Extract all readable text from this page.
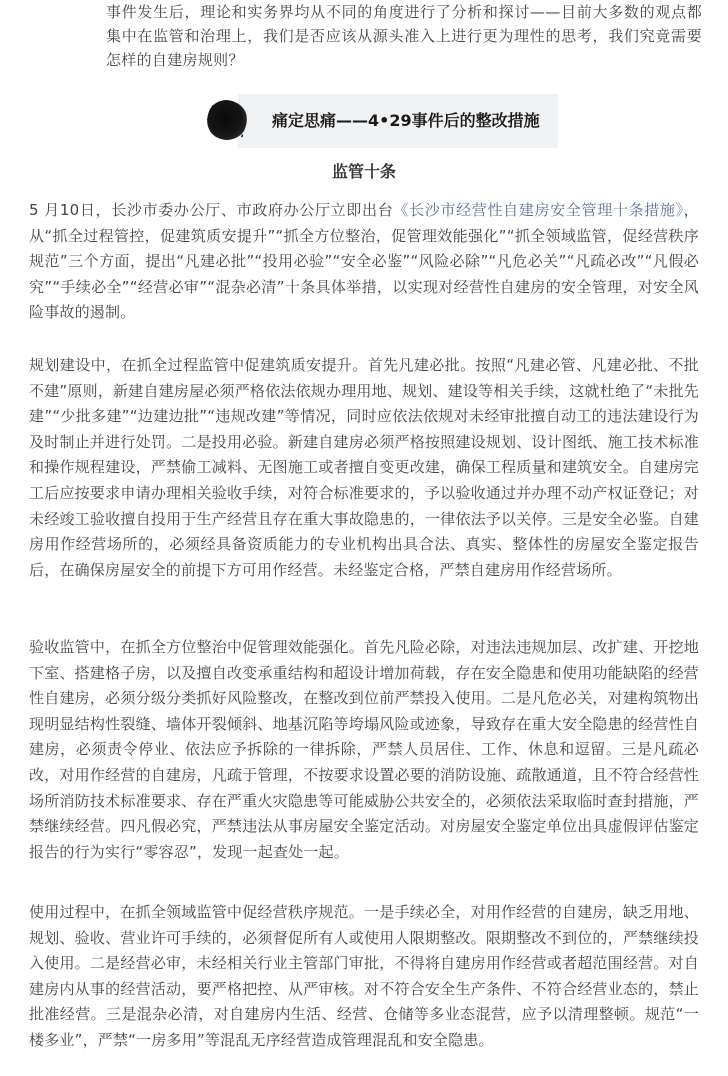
事件发生后，理论和实务界均从不同的角度进行了分析和探讨——目前大多数的观点都集中在监管和治理上，我们是否应该从源头准入上进行更为理性的思考，我们究竟需要怎样的自建房规则？
痛定思痛——4•29事件后的整改措施
监管十条

5 月10日，长沙市委办公厅、市政府办公厅立即出台《长沙市经营性自建房安全管理十条措施》，从“抓全过程管控，促建筑质安提升”“抓全方位整治，促管理效能强化”“抓全领域监管，促经营秩序规范”三个方面，提出“凡建必批”“投用必验”“安全必鉴”“风险必除”“凡危必关”“凡疏必改”“凡假必究”“手续必全”“经营必审”“混杂必清”十条具体举措，以实现对经营性自建房的安全管理，对安全风险事故的遏制。

规划建设中，在抓全过程监管中促建筑质安提升。首先凡建必批。按照“凡建必管、凡建必批、不批不建”原则，新建自建房屋必须严格依法依规办理用地、规划、建设等相关手续，这就杜绝了“未批先建”“少批多建”“边建边批”“违规改建”等情况，同时应依法依规对未经审批擅自动工的违法建设行为及时制止并进行处罚。二是投用必验。新建自建房必须严格按照建设规划、设计图纸、施工技术标准和操作规程建设，严禁偷工减料、无图施工或者擅自变更改建，确保工程质量和建筑安全。自建房完工后应按要求申请办理相关验收手续，对符合标准要求的，予以验收通过并办理不动产权证登记；对未经竣工验收擅自投用于生产经营且存在重大事故隐患的，一律依法予以关停。三是安全必鉴。自建房用作经营场所的，必须经具备资质能力的专业机构出具合法、真实、整体性的房屋安全鉴定报告后，在确保房屋安全的前提下方可用作经营。未经鉴定合格，严禁自建房用作经营场所。

验收监管中，在抓全方位整治中促管理效能强化。首先凡险必除，对违法违规加层、改扩建、开挖地下室、搭建格子房，以及擅自改变承重结构和超设计增加荷载，存在安全隐患和使用功能缺陷的经营性自建房，必须分级分类抓好风险整改，在整改到位前严禁投入使用。二是凡危必关，对建构筑物出现明显结构性裂缝、墙体开裂倾斜、地基沉陷等垮塌风险或迹象，导致存在重大安全隐患的经营性自建房，必须责令停业、依法应予拆除的一律拆除，严禁人员居住、工作、休息和逗留。三是凡疏必改，对用作经营的自建房，凡疏于管理，不按要求设置必要的消防设施、疏散通道，且不符合经营性场所消防技术标准要求、存在严重火灾隐患等可能威胁公共安全的，必须依法采取临时查封措施，严禁继续经营。四凡假必究，严禁违法从事房屋安全鉴定活动。对房屋安全鉴定单位出具虚假评估鉴定报告的行为实行“零容忍”，发现一起查处一起。

使用过程中，在抓全领域监管中促经营秩序规范。一是手续必全，对用作经营的自建房，缺乏用地、规划、验收、营业许可手续的，必须督促所有人或使用人限期整改。限期整改不到位的，严禁继续投入使用。二是经营必审，未经相关行业主管部门审批，不得将自建房用作经营或者超范围经营。对自建房内从事的经营活动，要严格把控、从严审核。对不符合安全生产条件、不符合经营业态的，禁止批准经营。三是混杂必清，对自建房内生活、经营、仓储等多业态混营，应予以清理整顿。规范“一楼多业”，严禁“一房多用”等混乱无序经营造成管理混乱和安全隐患。
